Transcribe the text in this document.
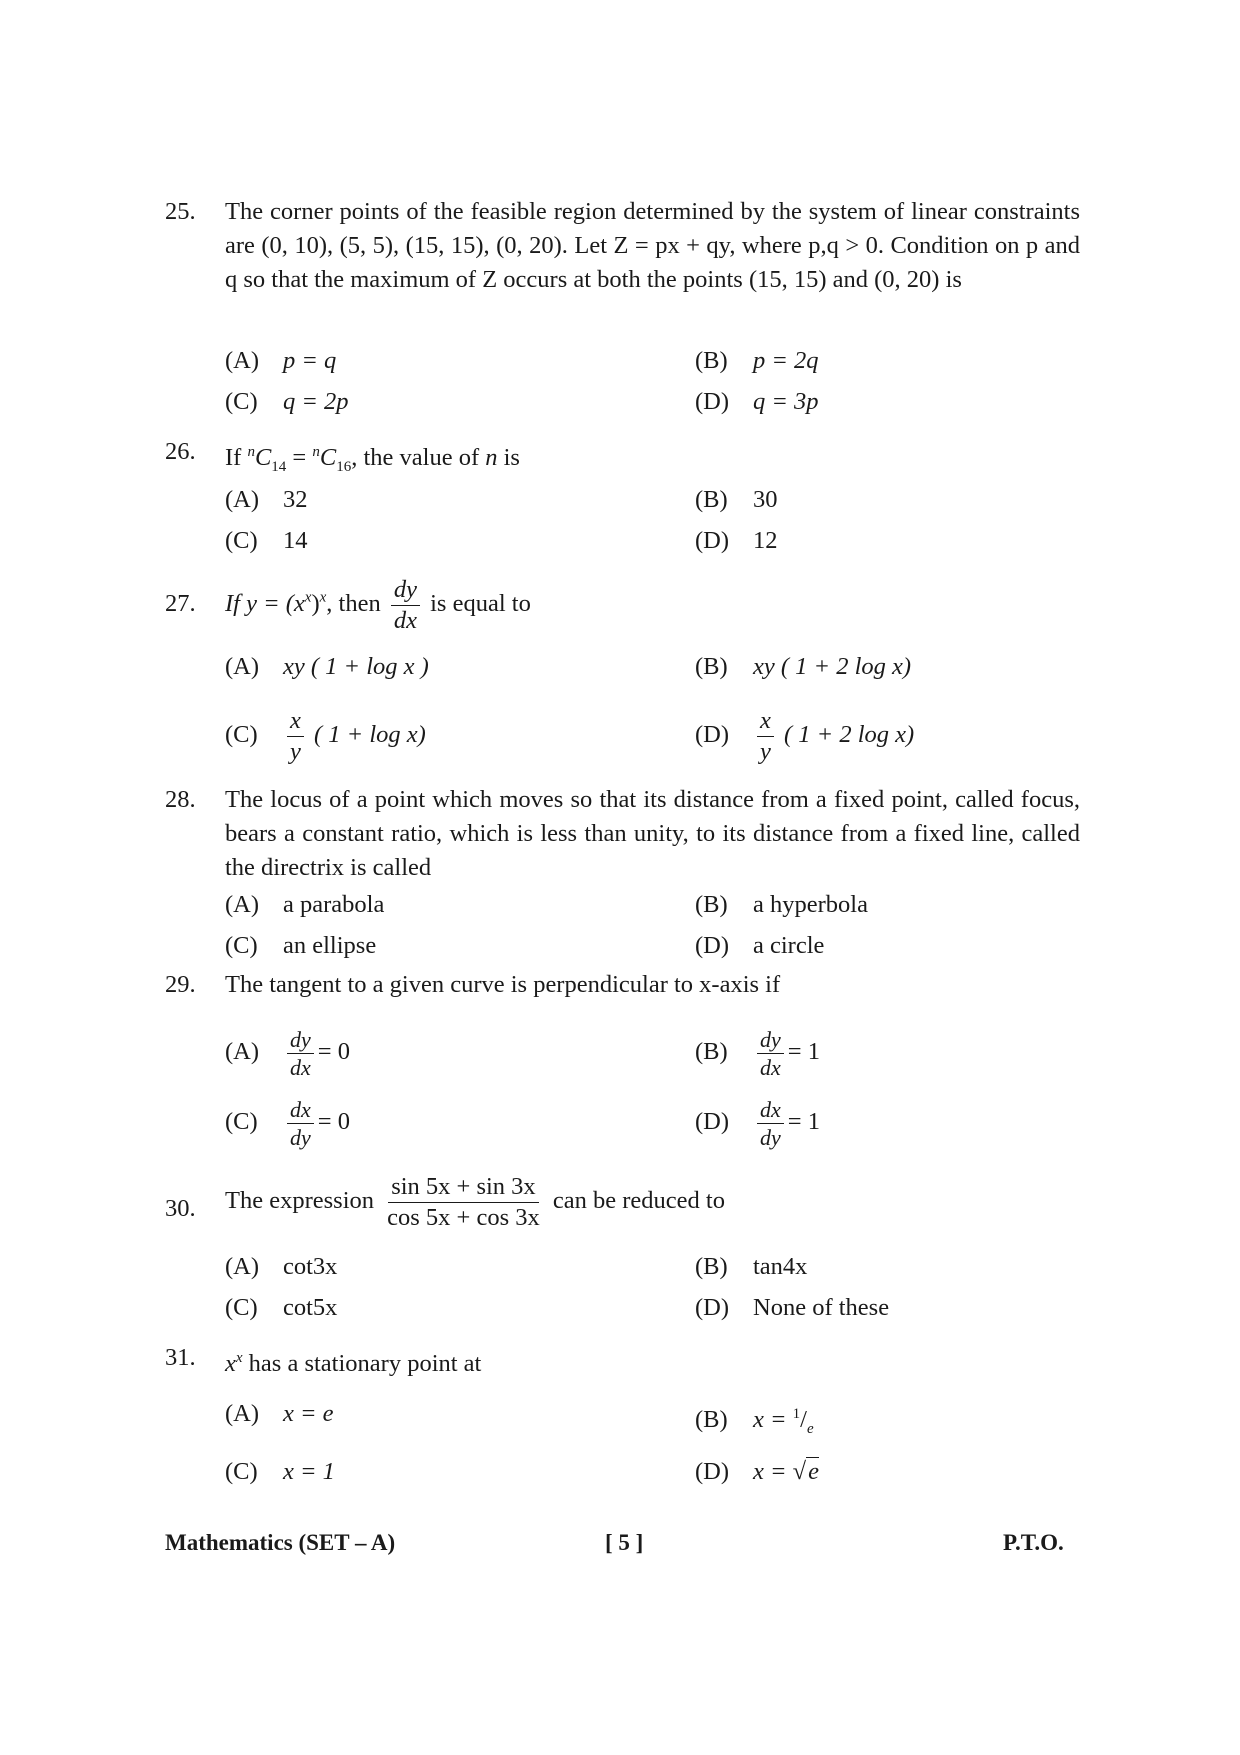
25.	The corner points of the feasible region determined by the system of linear constraints are (0, 10), (5, 5), (15, 15), (0, 20). Let Z = px + qy, where p,q > 0. Condition on p and q so that the maximum of Z occurs at both the points (15, 15) and (0, 20) is
(A) p = q	(B) p = 2q
(C) q = 2p	(D) q = 3p
26.	If $^nC_{14} = ^nC_{16}$, the value of n is
(A) 32	(B) 30
(C) 14	(D) 12
27.	If $y = (x^x)^x$, then $\frac{dy}{dx}$ is equal to
(A) xy ( 1 + log x )	(B) xy ( 1 + 2 log x)
$(C) \frac{x}{y}$ ( 1 + log x)	$(D) \frac{x}{y}$ ( 1 + 2 log x)
28.	The locus of a point which moves so that its distance from a fixed point, called focus, bears a constant ratio, which is less than unity, to its distance from a fixed line, called the directrix is called
(A) a parabola	(B) a hyperbola
(C) an ellipse	(D) a circle
29.	The tangent to a given curve is perpendicular to x-axis if
$(A) \frac{dy}{dx} = 0$	$(B) \frac{dy}{dx} = 1$
$(C) \frac{dx}{dy} = 0$	$(D) \frac{dx}{dy} = 1$
30.	The expression $\frac{\sin 5x + \sin 3x}{\cos 5x + \cos 3x}$ can be reduced to
(A) cot3x	(B) tan4x
(C) cot5x	(D) None of these
31.	$x^x$ has a stationary point at
(A) x = e	(B) $x = ^1/_e$
(C) x = 1	(D) x = √e
Mathematics (SET – A)	[ 5 ]	P.T.O.
